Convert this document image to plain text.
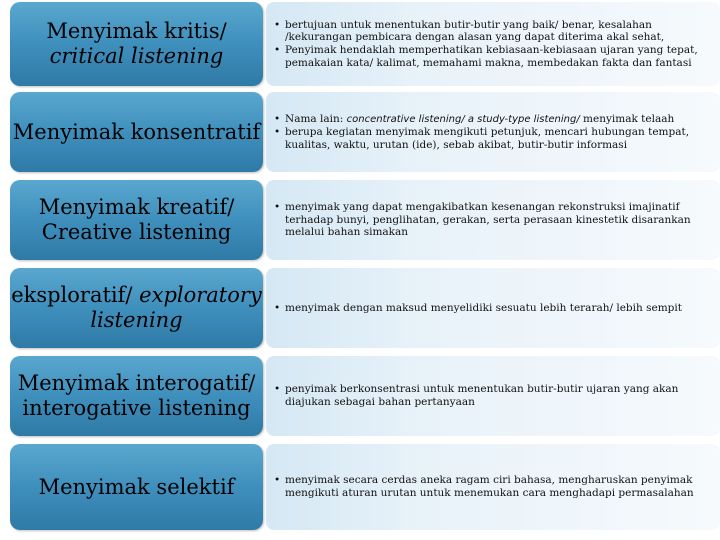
Menyimak kritis/
critical listening
• bertujuan untuk menentukan butir-butir yang baik/ benar, kesalahan /kekurangan pembicara dengan alasan yang dapat diterima akal sehat,
• Penyimak hendaklah memperhatikan kebiasaan-kebiasaan ujaran yang tepat, pemakaian kata/ kalimat, memahami makna, membedakan fakta dan fantasi
Menyimak konsentratif
• Nama lain: concentrative listening/ a study-type listening/ menyimak telaah
• berupa kegiatan menyimak mengikuti petunjuk, mencari hubungan tempat, kualitas, waktu, urutan (ide), sebab akibat, butir-butir informasi
Menyimak kreatif/
Creative listening
• menyimak yang dapat mengakibatkan kesenangan rekonstruksi imajinatif terhadap bunyi, penglihatan, gerakan, serta perasaan kinestetik disarankan melalui bahan simakan
eksploratif/ exploratory listening
• menyimak dengan maksud menyelidiki sesuatu lebih terarah/ lebih sempit
Menyimak interogatif/
interogative listening
• penyimak berkonsentrasi untuk menentukan butir-butir ujaran yang akan diajukan sebagai bahan pertanyaan
Menyimak selektif
•	menyimak secara cerdas aneka ragam ciri bahasa, mengharuskan penyimak mengikuti aturan urutan untuk menemukan cara menghadapi permasalahan
